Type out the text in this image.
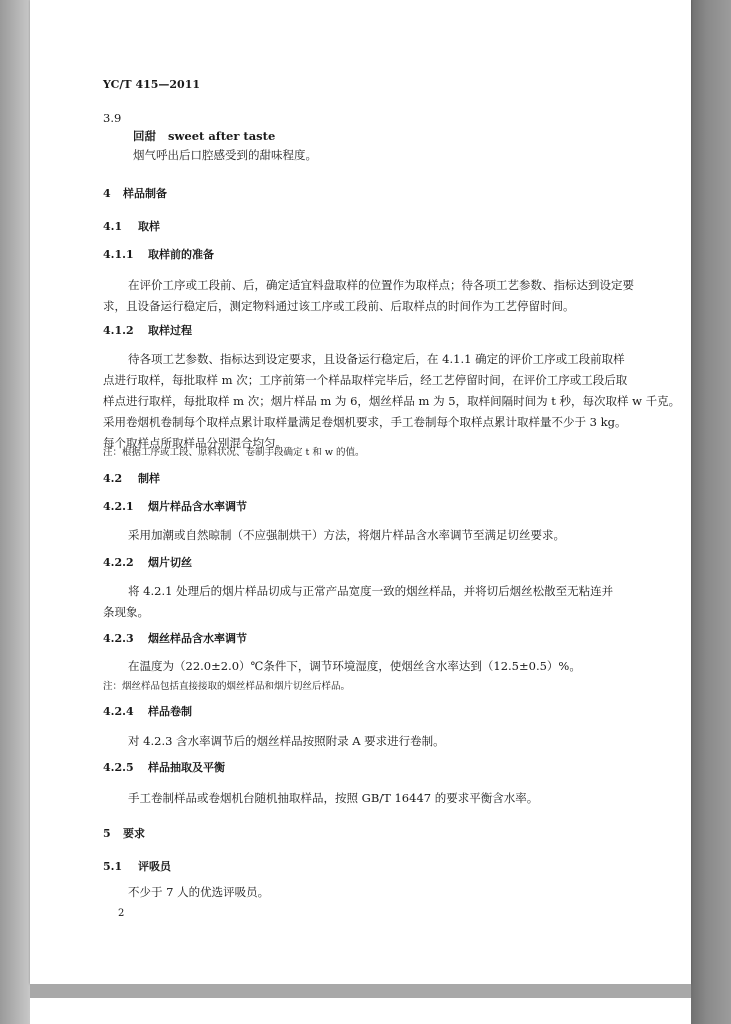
YC/T 415—2011
3.9
回甜 sweet after taste
烟气呼出后口腔感受到的甜味程度。
4 样品制备
4.1 取样
4.1.1 取样前的准备
在评价工序或工段前、后，确定适宜料盘取样的位置作为取样点；待各项工艺参数、指标达到设定要
求，且设备运行稳定后，测定物料通过该工序或工段前、后取样点的时间作为工艺停留时间。
4.1.2 取样过程
待各项工艺参数、指标达到设定要求，且设备运行稳定后，在 4.1.1 确定的评价工序或工段前取样
点进行取样，每批取样 m 次；工序前第一个样品取样完毕后，经工艺停留时间，在评价工序或工段后取
样点进行取样，每批取样 m 次；烟片样品 m 为 6，烟丝样品 m 为 5，取样间隔时间为 t 秒，每次取样 w 千克。
采用卷烟机卷制每个取样点累计取样量满足卷烟机要求，手工卷制每个取样点累计取样量不少于 3 kg。
每个取样点所取样品分别混合均匀。
注：根据工序或工段、原料状况、卷制手段确定 t 和 w 的值。
4.2 制样
4.2.1 烟片样品含水率调节
采用加潮或自然晾制（不应强制烘干）方法，将烟片样品含水率调节至满足切丝要求。
4.2.2 烟片切丝
将 4.2.1 处理后的烟片样品切成与正常产品宽度一致的烟丝样品，并将切后烟丝松散至无粘连并
条现象。
4.2.3 烟丝样品含水率调节
在温度为（22.0±2.0）℃条件下，调节环境湿度，使烟丝含水率达到（12.5±0.5）%。
注：烟丝样品包括直接接取的烟丝样品和烟片切丝后样品。
4.2.4 样品卷制
对 4.2.3 含水率调节后的烟丝样品按照附录 A 要求进行卷制。
4.2.5 样品抽取及平衡
手工卷制样品或卷烟机台随机抽取样品，按照 GB/T 16447 的要求平衡含水率。
5 要求
5.1 评吸员
不少于 7 人的优选评吸员。
2
